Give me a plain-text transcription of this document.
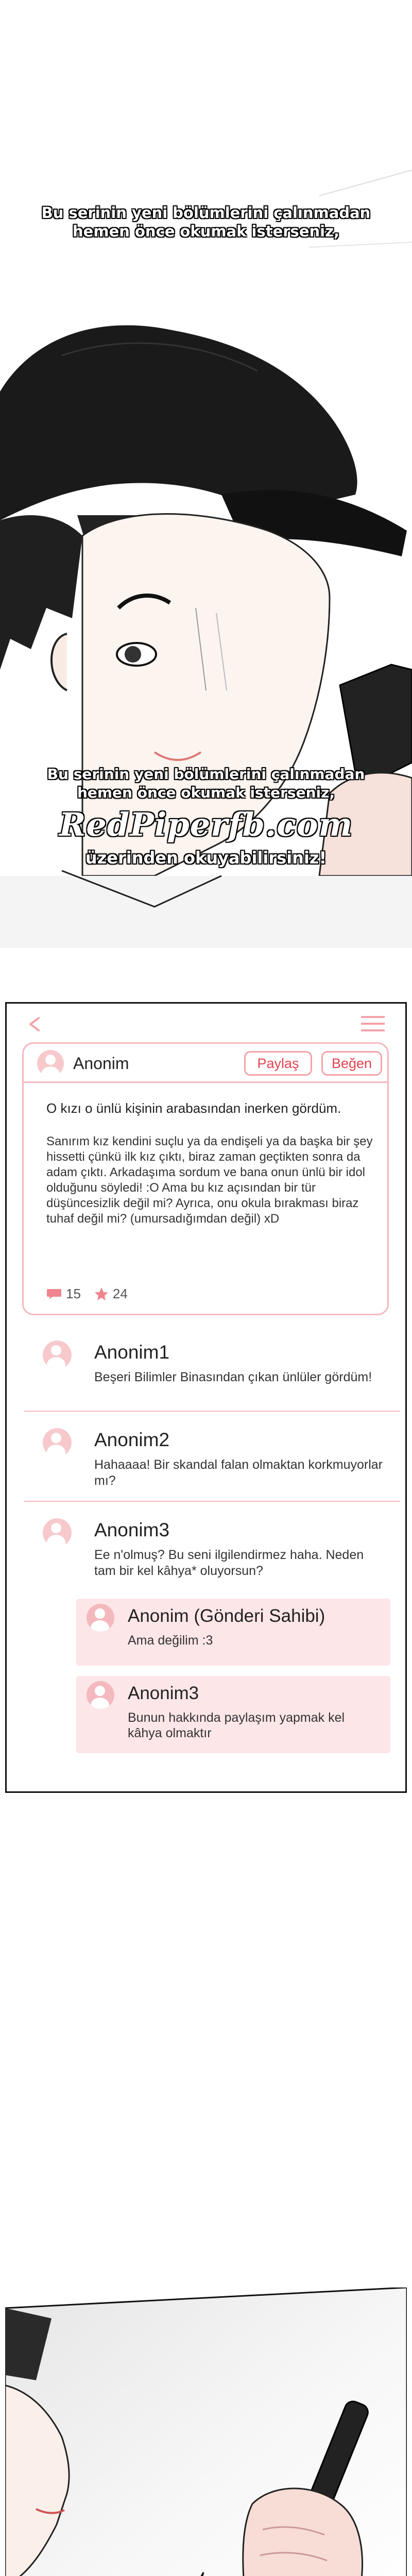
Bu serinin yeni bölümlerini çalınmadan
hemen önce okumak isterseniz,
Bu serinin yeni bölümlerini çalınmadan
hemen önce okumak isterseniz,
RedPiperfb.com
üzerinden okuyabilirsiniz!
Anonim	Paylaş	Beğen
O kızı o ünlü kişinin arabasından inerken gördüm.
Sanırım kız kendini suçlu ya da endişeli ya da başka bir şey hissetti çünkü ilk kız çıktı, biraz zaman geçtikten sonra da adam çıktı. Arkadaşıma sordum ve bana onun ünlü bir idol olduğunu söyledi! :O Ama bu kız açısından bir tür düşüncesizlik değil mi? Ayrıca, onu okula bırakması biraz tuhaf değil mi? (umursadığımdan değil) xD
15 24
Anonim1
Beşeri Bilimler Binasından çıkan ünlüler gördüm!
Anonim2
Hahaaaa! Bir skandal falan olmaktan korkmuyorlar mı?
Anonim3
Ee n'olmuş? Bu seni ilgilendirmez haha. Neden tam bir kel kâhya* oluyorsun?
Anonim (Gönderi Sahibi)
Ama değilim :3
Anonim3
Bunun hakkında paylaşım yapmak kel kâhya olmaktır
